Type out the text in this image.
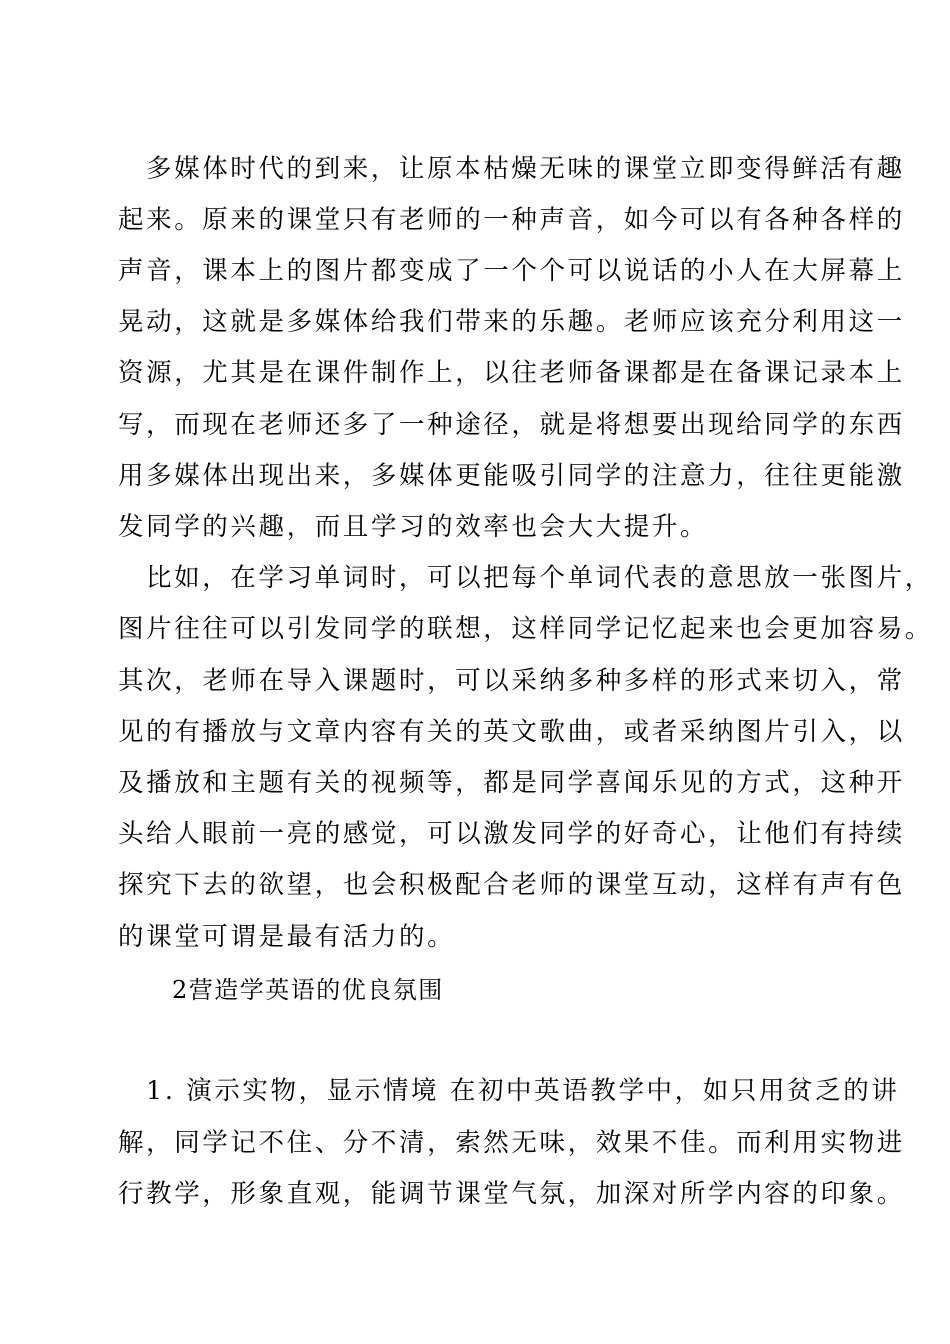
多媒体时代的到来，让原本枯燥无味的课堂立即变得鲜活有趣
起来。原来的课堂只有老师的一种声音，如今可以有各种各样的
声音，课本上的图片都变成了一个个可以说话的小人在大屏幕上
晃动，这就是多媒体给我们带来的乐趣。老师应该充分利用这一
资源，尤其是在课件制作上，以往老师备课都是在备课记录本上
写，而现在老师还多了一种途径，就是将想要出现给同学的东西
用多媒体出现出来，多媒体更能吸引同学的注意力，往往更能激
发同学的兴趣，而且学习的效率也会大大提升。
比如，在学习单词时，可以把每个单词代表的意思放一张图片，
图片往往可以引发同学的联想，这样同学记忆起来也会更加容易。
其次，老师在导入课题时，可以采纳多种多样的形式来切入，常
见的有播放与文章内容有关的英文歌曲，或者采纳图片引入，以
及播放和主题有关的视频等，都是同学喜闻乐见的方式，这种开
头给人眼前一亮的感觉，可以激发同学的好奇心，让他们有持续
探究下去的欲望，也会积极配合老师的课堂互动，这样有声有色
的课堂可谓是最有活力的。
2营造学英语的优良氛围
1. 演示实物，显示情境 在初中英语教学中，如只用贫乏的讲
解，同学记不住、分不清，索然无味，效果不佳。而利用实物进
行教学，形象直观，能调节课堂气氛，加深对所学内容的印象。
